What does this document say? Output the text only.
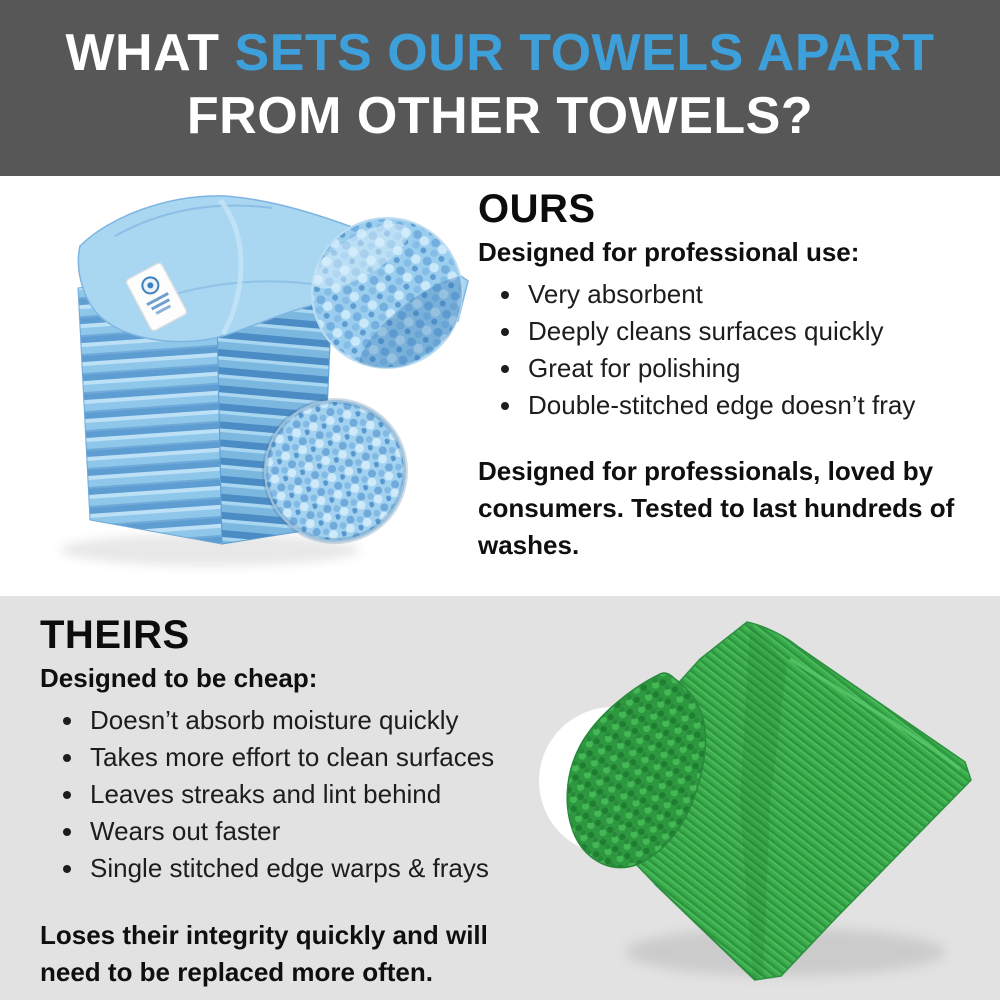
WHAT SETS OUR TOWELS APART
FROM OTHER TOWELS?
OURS

Designed for professional use:

• Very absorbent
• Deeply cleans surfaces quickly
• Great for polishing
• Double-stitched edge doesn’t fray

Designed for professionals, loved by consumers. Tested to last hundreds of washes.

THEIRS

Designed to be cheap:

• Doesn’t absorb moisture quickly
• Takes more effort to clean surfaces
• Leaves streaks and lint behind
• Wears out faster
• Single stitched edge warps & frays

Loses their integrity quickly and will need to be replaced more often.
